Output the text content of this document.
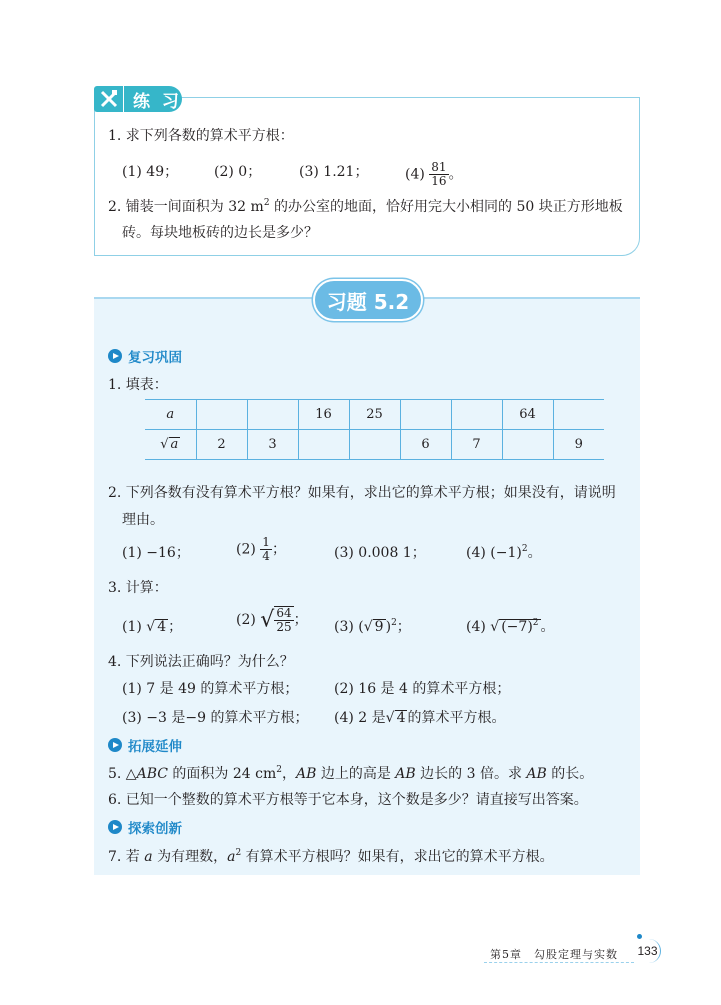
练 习
1. 求下列各数的算术平方根：
(1) 49；	(2) 0；	(3) 1.21；	$(4) \frac{81}{16}$ 。
2. 铺装一间面积为 32 $m^2$ 的办公室的地面，恰好用完大小相同的 50 块正方形地板
砖。每块地板砖的边长是多少？
习题 5.2
复习巩固
1. 填表：
a			16	25			64	
√ a	2	3			6	7		9
2. 下列各数有没有算术平方根？如果有，求出它的算术平方根；如果没有，请说明
理由。
(1) −16；	$(2) \frac{1}{4}$ ；	(3) 0.008 1；	(4) $(-1)^2$。
3. 计算：
(1) √ 4 ；	(2) √ $\frac{64}{25}$ ； (3) (√ 9 )$^2$；	(4) √ $(-7)^2$ 。
4. 下列说法正确吗？为什么？
(1) 7 是 49 的算术平方根；	(2) 16 是 4 的算术平方根；
(3) −3 是−9 的算术平方根； (4) 2 是√ 4 的算术平方根。
拓展延伸
5. △ABC 的面积为 24 $cm^2$，AB 边上的高是 AB 边长的 3 倍。求 AB 的长。
6. 已知一个整数的算术平方根等于它本身，这个数是多少？请直接写出答案。
探索创新
7. 若 a 为有理数，$a^2$ 有算术平方根吗？如果有，求出它的算术平方根。
第5章　勾股定理与实数 133
